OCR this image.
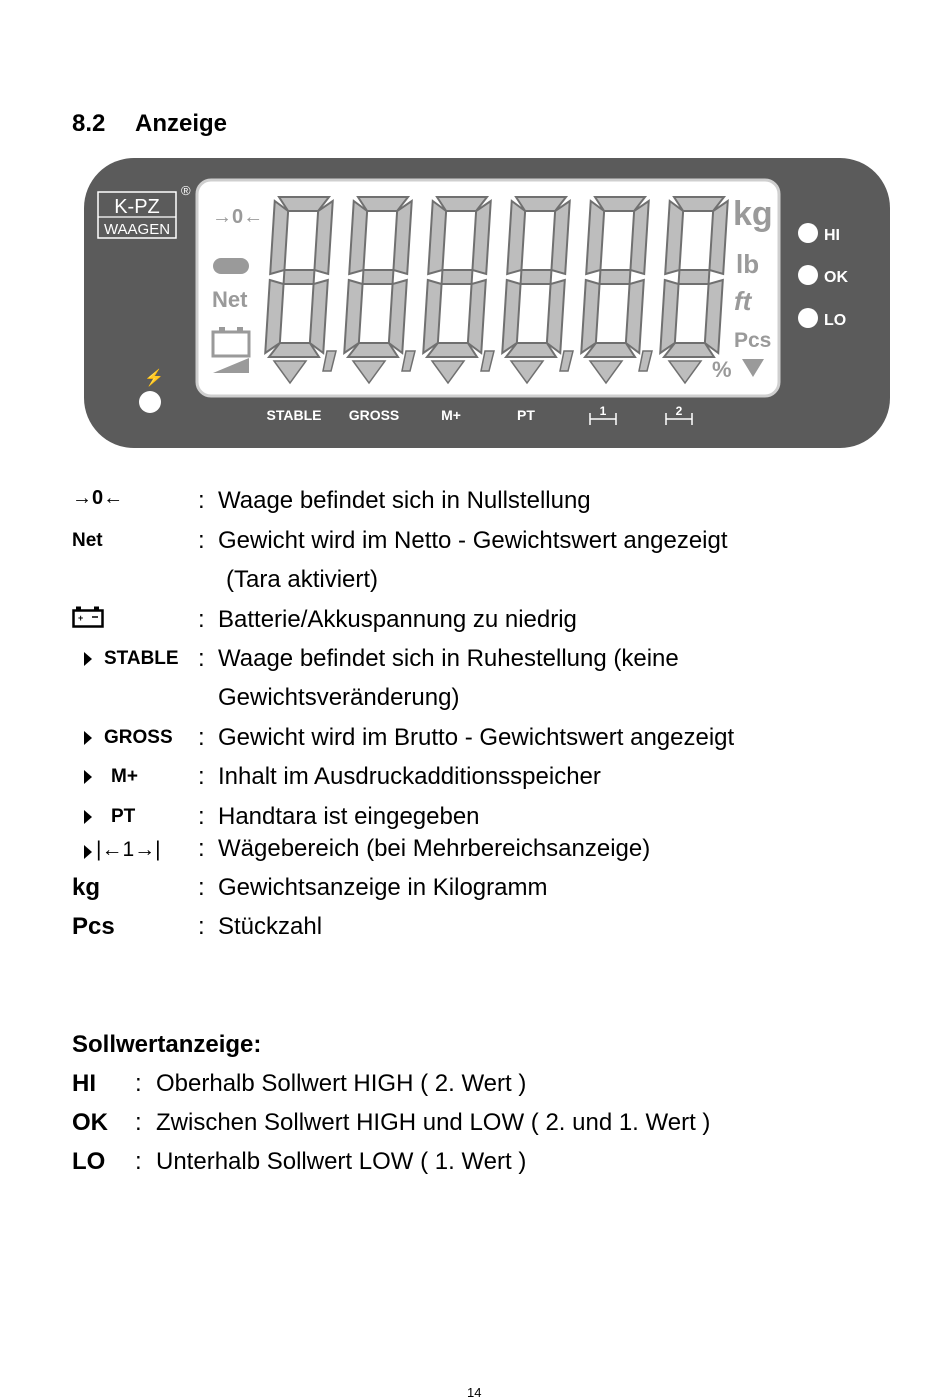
8.2 Anzeige
K-PZ
WAAGEN
®
→0←
Net
kg
lb
ft
Pcs
%
HI
OK
LO
⚡
STABLE GROSS	M+	PT	1	2
→0←	: Waage befindet sich in Nullstellung
Net	: Gewicht wird im Netto - Gewichtswert angezeigt
(Tara aktiviert)
+	: Batterie/Akkuspannung zu niedrig
STABLE : Waage befindet sich in Ruhestellung (keine
Gewichtsveränderung)
GROSS : Gewicht wird im Brutto - Gewichtswert angezeigt
M+	: Inhalt im Ausdruckadditionsspeicher
PT	: Handtara ist eingegeben
|←1→| : Wägebereich (bei Mehrbereichsanzeige)
kg	: Gewichtsanzeige in Kilogramm
Pcs	: Stückzahl
Sollwertanzeige:
HI : Oberhalb Sollwert HIGH ( 2. Wert )
OK : Zwischen Sollwert HIGH und LOW ( 2. und 1. Wert )
LO : Unterhalb Sollwert LOW ( 1. Wert )
14
